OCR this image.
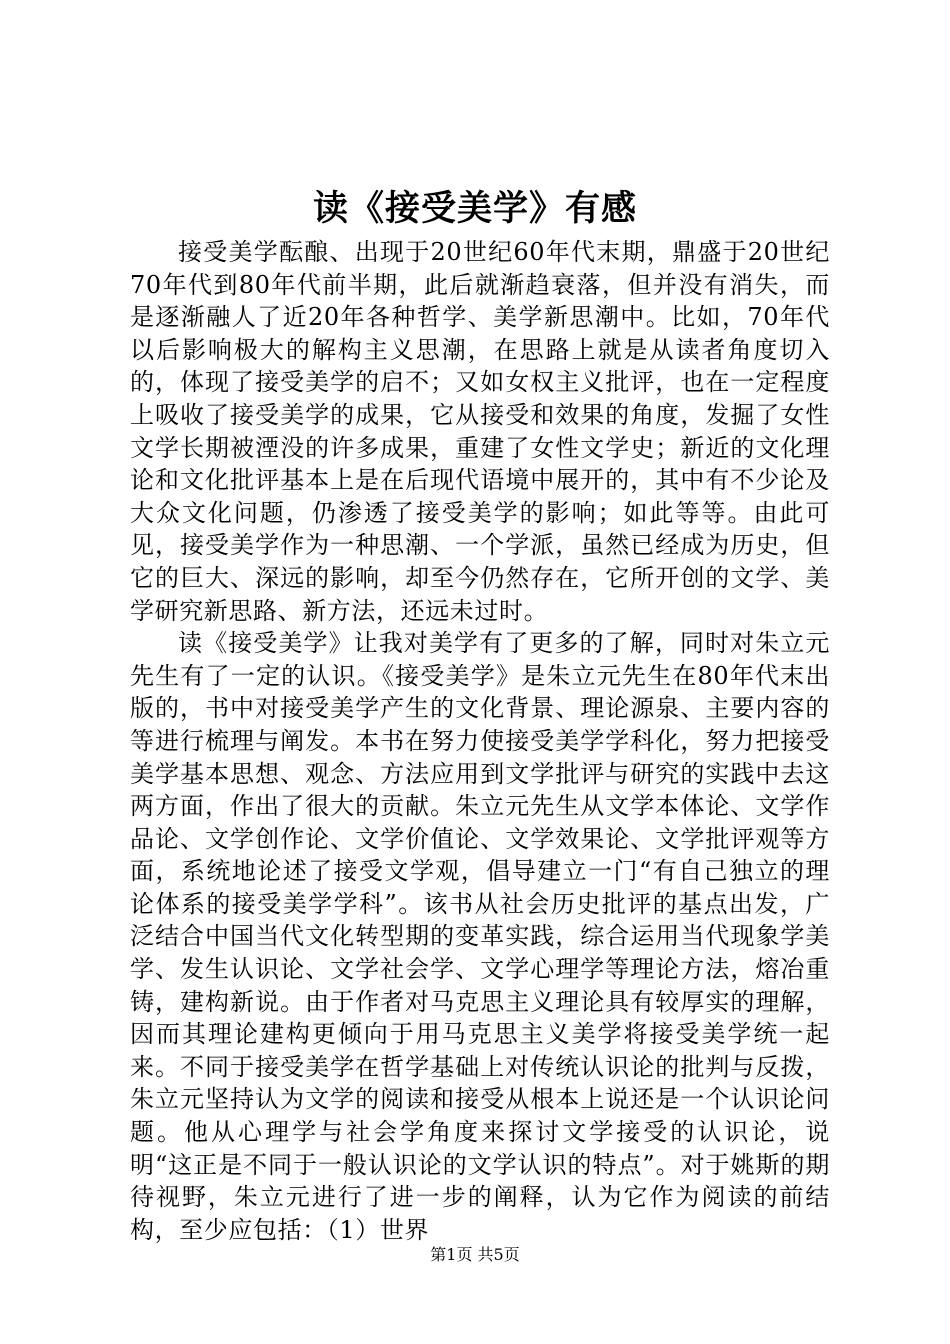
读《接受美学》有感

接受美学酝酿、出现于20世纪60年代末期，鼎盛于20世纪70年代到80年代前半期，此后就渐趋衰落，但并没有消失，而是逐渐融人了近20年各种哲学、美学新思潮中。比如，70年代以后影响极大的解构主义思潮，在思路上就是从读者角度切入的，体现了接受美学的启不；又如女权主义批评，也在一定程度上吸收了接受美学的成果，它从接受和效果的角度，发掘了女性文学长期被湮没的许多成果，重建了女性文学史；新近的文化理论和文化批评基本上是在后现代语境中展开的，其中有不少论及大众文化问题，仍渗透了接受美学的影响；如此等等。由此可见，接受美学作为一种思潮、一个学派，虽然已经成为历史，但它的巨大、深远的影响，却至今仍然存在，它所开创的文学、美学研究新思路、新方法，还远未过时。

读《接受美学》让我对美学有了更多的了解，同时对朱立元先生有了一定的认识。《接受美学》是朱立元先生在80年代末出版的，书中对接受美学产生的文化背景、理论源泉、主要内容的等进行梳理与阐发。本书在努力使接受美学学科化，努力把接受美学基本思想、观念、方法应用到文学批评与研究的实践中去这两方面，作出了很大的贡献。朱立元先生从文学本体论、文学作品论、文学创作论、文学价值论、文学效果论、文学批评观等方面，系统地论述了接受文学观，倡导建立一门“有自己独立的理论体系的接受美学学科”。该书从社会历史批评的基点出发，广泛结合中国当代文化转型期的变革实践，综合运用当代现象学美学、发生认识论、文学社会学、文学心理学等理论方法，熔冶重铸，建构新说。由于作者对马克思主义理论具有较厚实的理解，因而其理论建构更倾向于用马克思主义美学将接受美学统一起来。不同于接受美学在哲学基础上对传统认识论的批判与反拨，朱立元坚持认为文学的阅读和接受从根本上说还是一个认识论问题。他从心理学与社会学角度来探讨文学接受的认识论，说明“这正是不同于一般认识论的文学认识的特点”。对于姚斯的期待视野，朱立元进行了进一步的阐释，认为它作为阅读的前结构，至少应包括：（1）世界

第1页 共5页
